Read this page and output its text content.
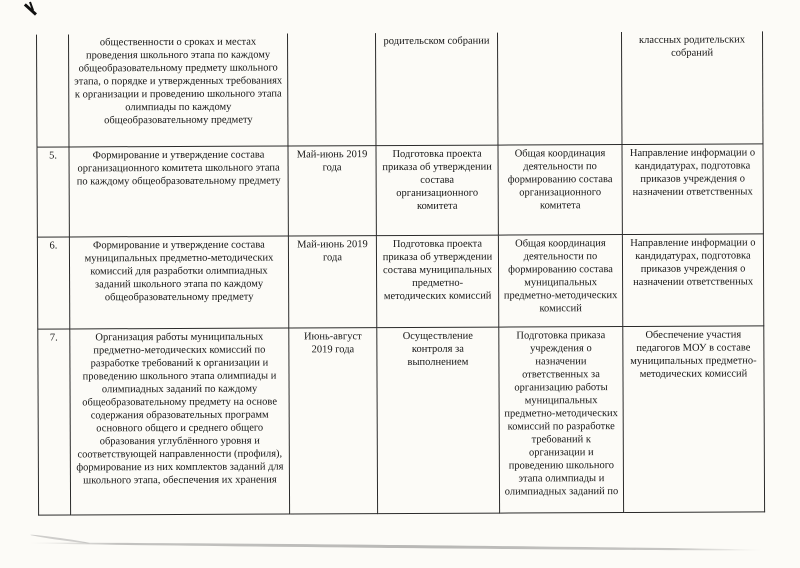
	общественности о сроках и местах проведения школьного этапа по каждому общеобразовательному предмету школьного этапа, о порядке и утвержденных требованиях к организации и проведению школьного этапа олимпиады по каждому общеобразовательному предмету		родительском собрании		классных родительских собраний
5.	Формирование и утверждение состава организационного комитета школьного этапа по каждому общеобразовательному предмету	Май-июнь 2019 года	Подготовка проекта приказа об утверждении состава организационного комитета	Общая координация деятельности по формированию состава организационного комитета	Направление информации о кандидатурах, подготовка приказов учреждения о назначении ответственных
6.	Формирование и утверждение состава муниципальных предметно-методических комиссий для разработки олимпиадных заданий школьного этапа по каждому общеобразовательному предмету	Май-июнь 2019 года	Подготовка проекта приказа об утверждении состава муниципальных предметно-методических комиссий	Общая координация деятельности по формированию состава муниципальных предметно-методических комиссий	Направление информации о кандидатурах, подготовка приказов учреждения о назначении ответственных
7.	Организация работы муниципальных предметно-методических комиссий по разработке требований к организации и проведению школьного этапа олимпиады и олимпиадных заданий по каждому общеобразовательному предмету на основе содержания образовательных программ основного общего и среднего общего образования углублённого уровня и соответствующей направленности (профиля), формирование из них комплектов заданий для школьного этапа, обеспечения их хранения	Июнь-август 2019 года	Осуществление контроля за выполнением	Подготовка приказа учреждения о назначении ответственных за организацию работы муниципальных предметно-методических комиссий по разработке требований к организации и проведению школьного этапа олимпиады и олимпиадных заданий по	Обеспечение участия педагогов МОУ в составе муниципальных предметно-методических комиссий
